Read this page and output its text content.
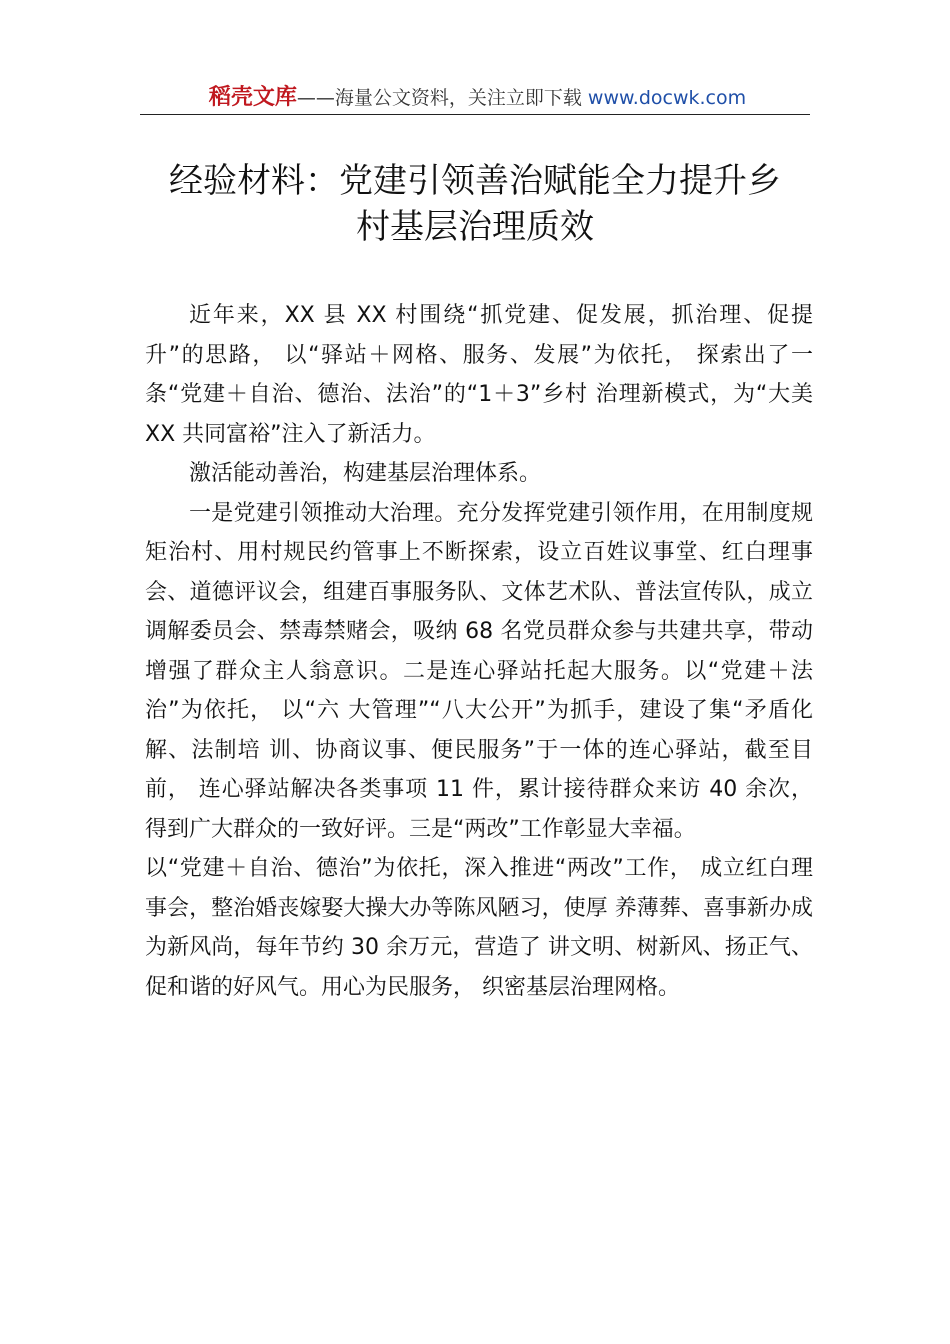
稻壳文库——海量公文资料，关注立即下载 www.docwk.com
经验材料：党建引领善治赋能全力提升乡
村基层治理质效

近年来，XX 县 XX 村围绕“抓党建、促发展，抓治理、促提升”的思路， 以“驿站＋网格、服务、发展”为依托， 探索出了一条“党建＋自治、德治、法治”的“1＋3”乡村 治理新模式，为“大美 XX 共同富裕”注入了新活力。

激活能动善治，构建基层治理体系。

一是党建引领推动大治理。充分发挥党建引领作用，在用制度规矩治村、用村规民约管事上不断探索，设立百姓议事堂、红白理事会、道德评议会，组建百事服务队、文体艺术队、普法宣传队，成立调解委员会、禁毒禁赌会，吸纳 68 名党员群众参与共建共享，带动增强了群众主人翁意识。二是连心驿站托起大服务。以“党建＋法治”为依托， 以“六 大管理”“八大公开”为抓手，建设了集“矛盾化解、法制培 训、协商议事、便民服务”于一体的连心驿站，截至目前， 连心驿站解决各类事项 11 件，累计接待群众来访 40 余次， 得到广大群众的一致好评。三是“两改”工作彰显大幸福。

以“党建＋自治、德治”为依托，深入推进“两改”工作， 成立红白理事会，整治婚丧嫁娶大操大办等陈风陋习，使厚 养薄葬、喜事新办成为新风尚，每年节约 30 余万元，营造了 讲文明、树新风、扬正气、促和谐的好风气。用心为民服务， 织密基层治理网格。
